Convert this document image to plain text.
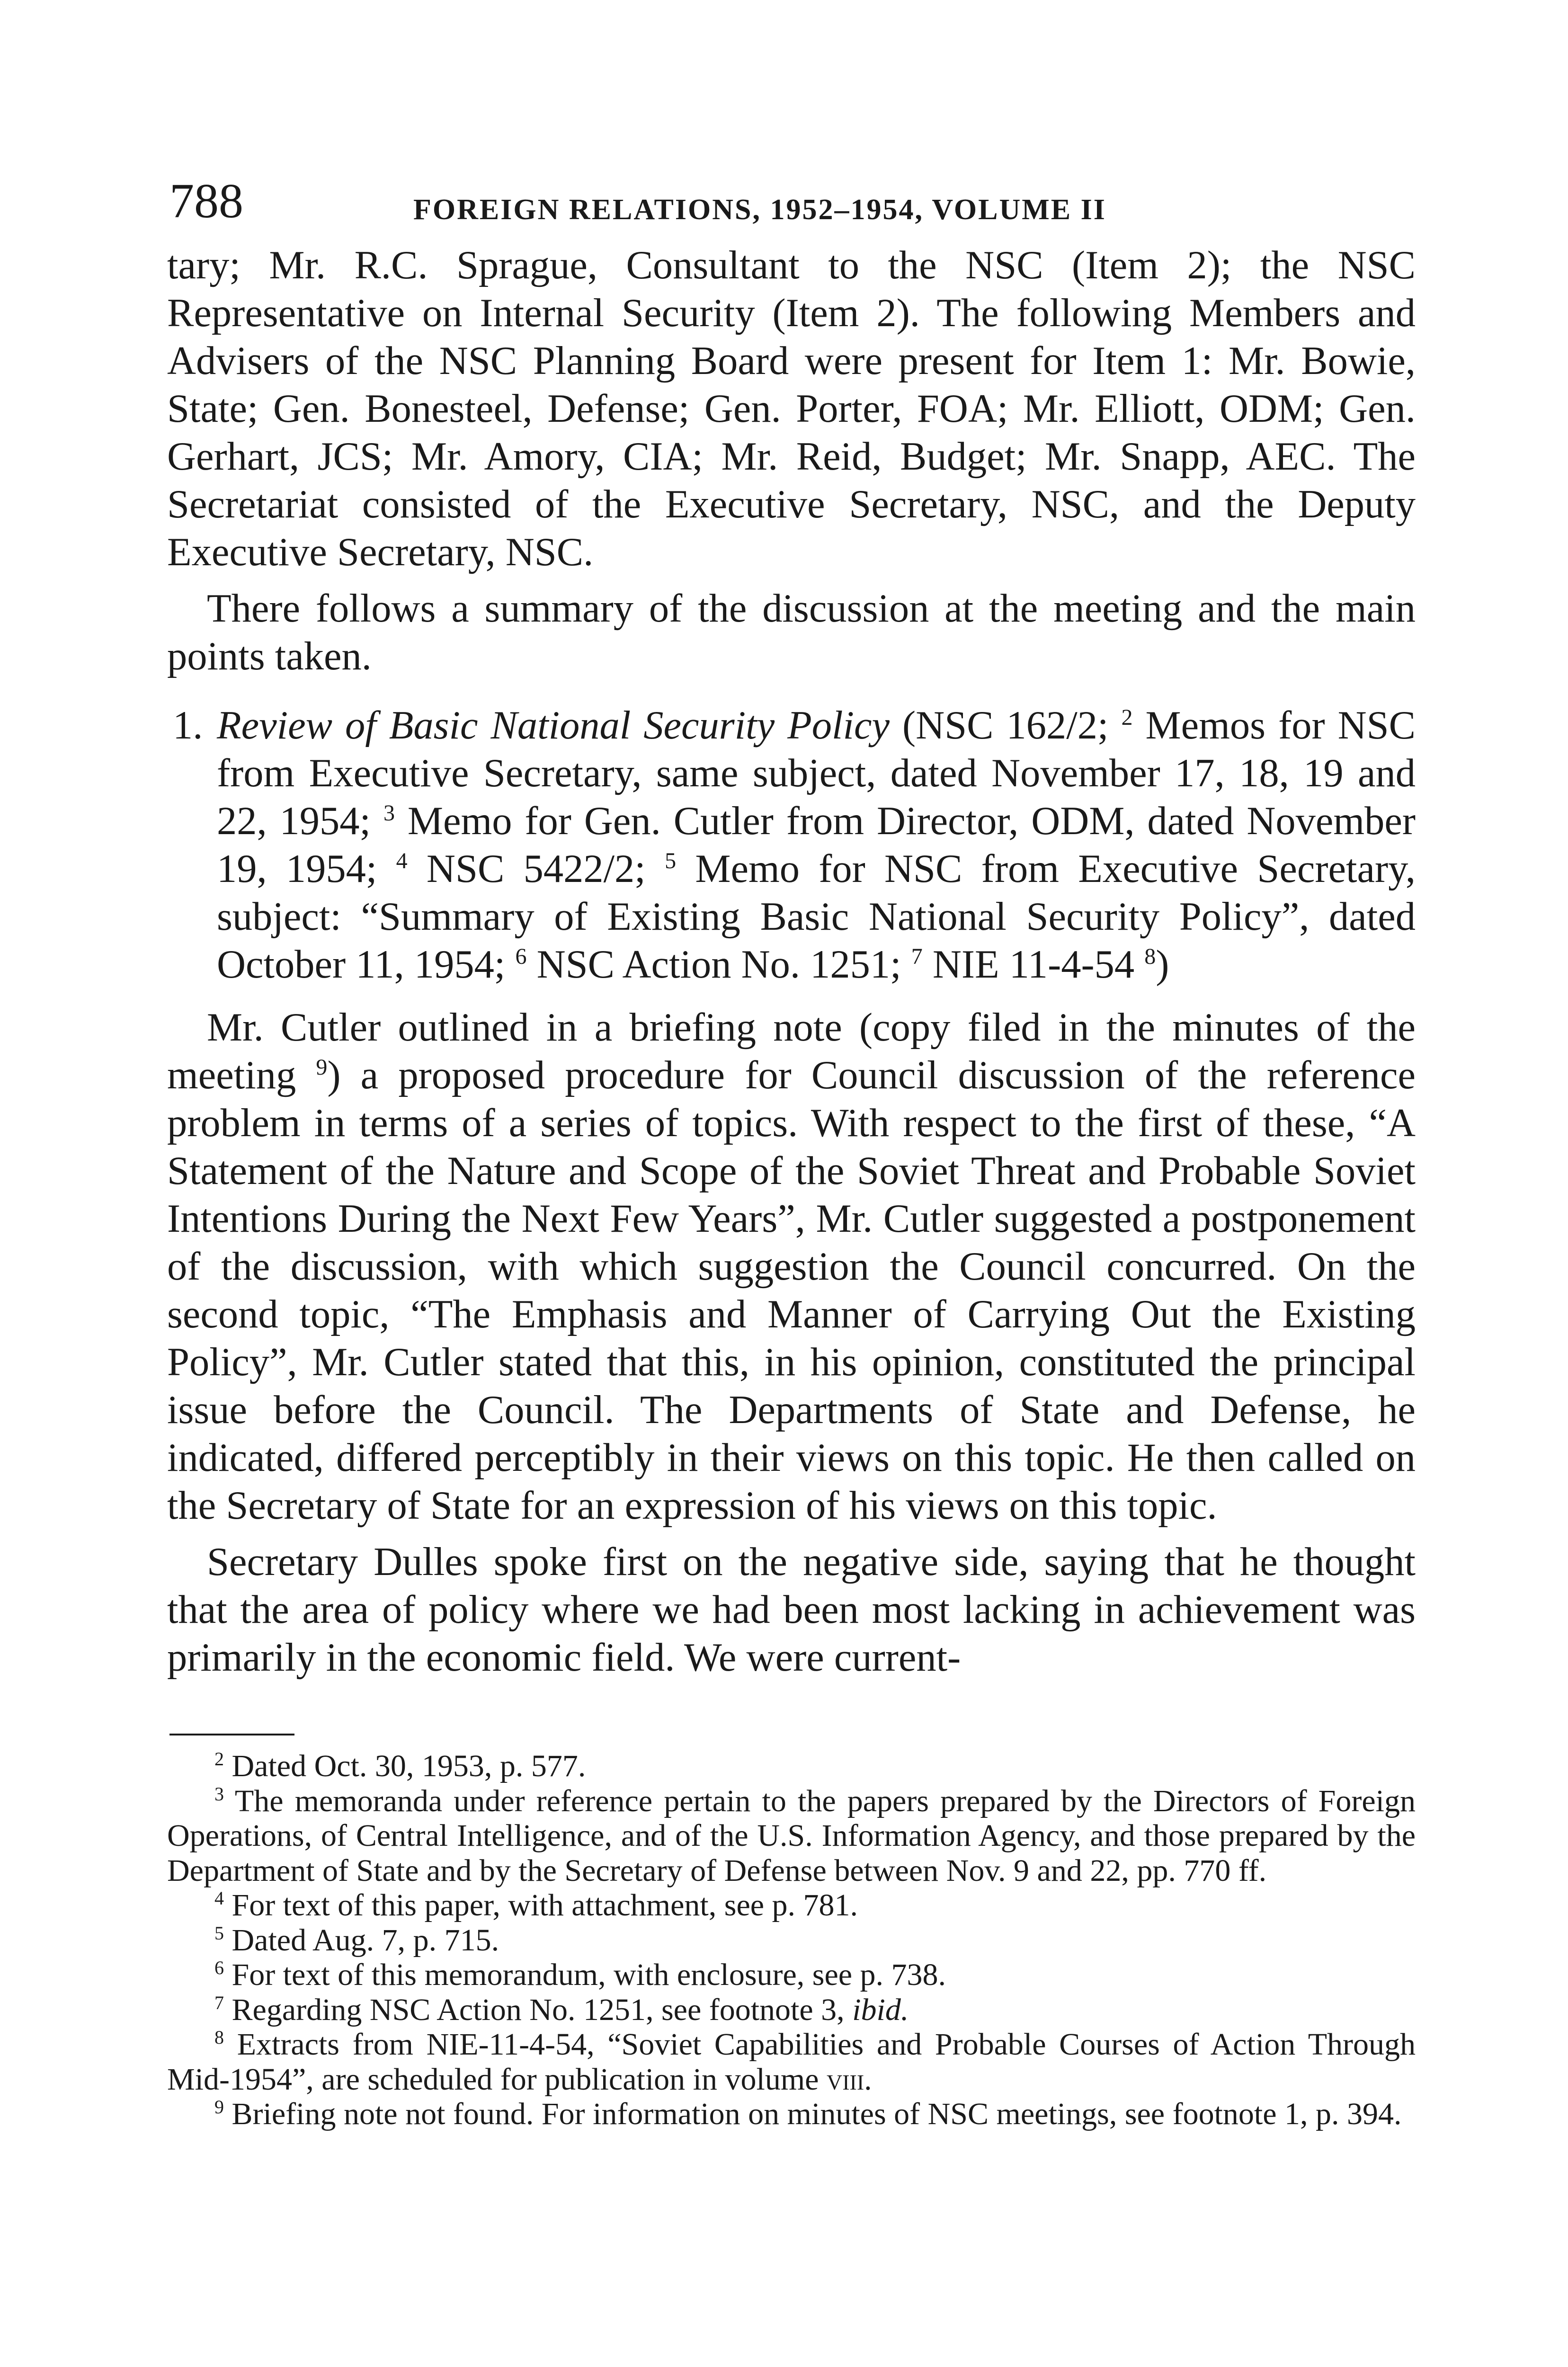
788	FOREIGN RELATIONS, 1952–1954, VOLUME II

tary; Mr. R.C. Sprague, Consultant to the NSC (Item 2); the NSC Representative on Internal Security (Item 2). The following Members and Advisers of the NSC Planning Board were present for Item 1: Mr. Bowie, State; Gen. Bonesteel, Defense; Gen. Porter, FOA; Mr. Elliott, ODM; Gen. Gerhart, JCS; Mr. Amory, CIA; Mr. Reid, Budget; Mr. Snapp, AEC. The Secretariat consisted of the Executive Secretary, NSC, and the Deputy Executive Secretary, NSC.

There follows a summary of the discussion at the meeting and the main points taken.

1. Review of Basic National Security Policy (NSC 162/2; $^2$ Memos for NSC from Executive Secretary, same subject, dated November 17, 18, 19 and 22, 1954; $^3$ Memo for Gen. Cutler from Director, ODM, dated November 19, 1954; $^4$ NSC 5422/2; $^5$ Memo for NSC from Executive Secretary, subject: “Summary of Existing Basic National Security Policy”, dated October 11, 1954; $^6$ NSC Action No. 1251; $^7$ NIE 11-4-54 $^8$)

Mr. Cutler outlined in a briefing note (copy filed in the minutes of the meeting $^9$) a proposed procedure for Council discussion of the reference problem in terms of a series of topics. With respect to the first of these, “A Statement of the Nature and Scope of the Soviet Threat and Probable Soviet Intentions During the Next Few Years”, Mr. Cutler suggested a postponement of the discussion, with which suggestion the Council concurred. On the second topic, “The Emphasis and Manner of Carrying Out the Existing Policy”, Mr. Cutler stated that this, in his opinion, constituted the principal issue before the Council. The Departments of State and Defense, he indicated, differed perceptibly in their views on this topic. He then called on the Secretary of State for an expression of his views on this topic.

Secretary Dulles spoke first on the negative side, saying that he thought that the area of policy where we had been most lacking in achievement was primarily in the economic field. We were current-

$^2$ Dated Oct. 30, 1953, p. 577.

$^3$ The memoranda under reference pertain to the papers prepared by the Directors of Foreign Operations, of Central Intelligence, and of the U.S. Information Agency, and those prepared by the Department of State and by the Secretary of Defense between Nov. 9 and 22, pp. 770 ff.

$^4$ For text of this paper, with attachment, see p. 781.

$^5$ Dated Aug. 7, p. 715.

$^6$ For text of this memorandum, with enclosure, see p. 738.

$^7$ Regarding NSC Action No. 1251, see footnote 3, ibid.

$^8$ Extracts from NIE-11-4-54, “Soviet Capabilities and Probable Courses of Action Through Mid-1954”, are scheduled for publication in volume viii.

$^9$ Briefing note not found. For information on minutes of NSC meetings, see footnote 1, p. 394.
